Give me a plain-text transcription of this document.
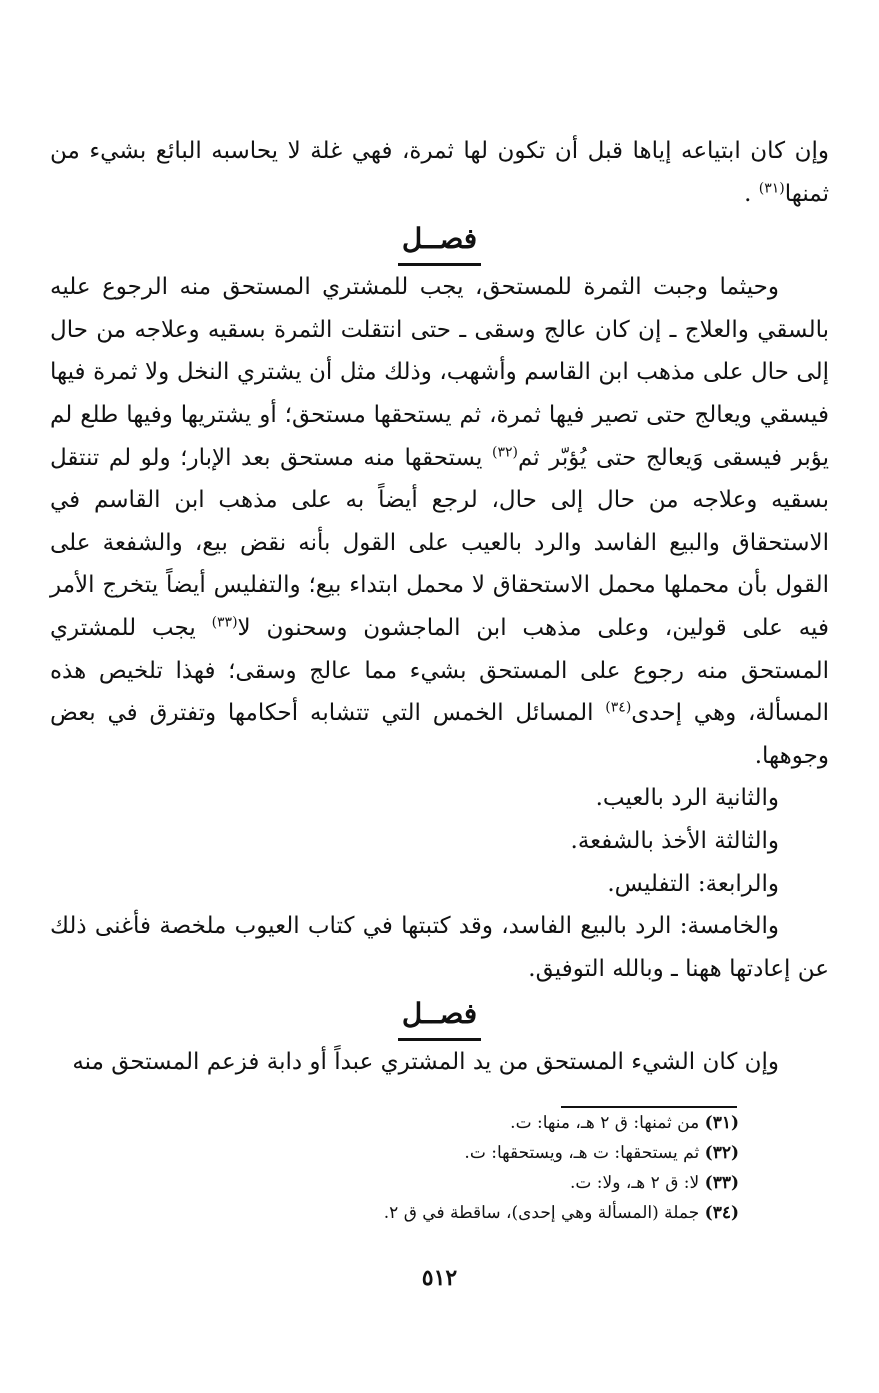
وإن كان ابتياعه إياها قبل أن تكون لها ثمرة، فهي غلة لا يحاسبه البائع بشيء من ثمنها$^{(٣١)}$ .

فصــل

وحيثما وجبت الثمرة للمستحق، يجب للمشتري المستحق منه الرجوع عليه بالسقي والعلاج ـ إن كان عالج وسقى ـ حتى انتقلت الثمرة بسقيه وعلاجه من حال إلى حال على مذهب ابن القاسم وأشهب، وذلك مثل أن يشتري النخل ولا ثمرة فيها فيسقي ويعالج حتى تصير فيها ثمرة، ثم يستحقها مستحق؛ أو يشتريها وفيها طلع لم يؤبر فيسقى وَيعالج حتى يُؤبّر ثم$^{(٣٢)}$ يستحقها منه مستحق بعد الإبار؛ ولو لم تنتقل بسقيه وعلاجه من حال إلى حال، لرجع أيضاً به على مذهب ابن القاسم في الاستحقاق والبيع الفاسد والرد بالعيب على القول بأنه نقض بيع، والشفعة على القول بأن محملها محمل الاستحقاق لا محمل ابتداء بيع؛ والتفليس أيضاً يتخرج الأمر فيه على قولين، وعلى مذهب ابن الماجشون وسحنون لا$^{(٣٣)}$ يجب للمشتري المستحق منه رجوع على المستحق بشيء مما عالج وسقى؛ فهذا تلخيص هذه المسألة، وهي إحدى$^{(٣٤)}$ المسائل الخمس التي تتشابه أحكامها وتفترق في بعض وجوهها.

والثانية الرد بالعيب.

والثالثة الأخذ بالشفعة.

والرابعة: التفليس.

والخامسة: الرد بالبيع الفاسد، وقد كتبتها في كتاب العيوب ملخصة فأغنى ذلك عن إعادتها ههنا ـ وبالله التوفيق.

فصــل

وإن كان الشيء المستحق من يد المشتري عبداً أو دابة فزعم المستحق منه

(٣١) من ثمنها: ق ٢ هـ، منها: ت.

(٣٢) ثم يستحقها: ت هـ، ويستحقها: ت.

(٣٣) لا: ق ٢ هـ، ولا: ت.

(٣٤) جملة (المسألة وهي إحدى)، ساقطة في ق ٢.

٥١٢
